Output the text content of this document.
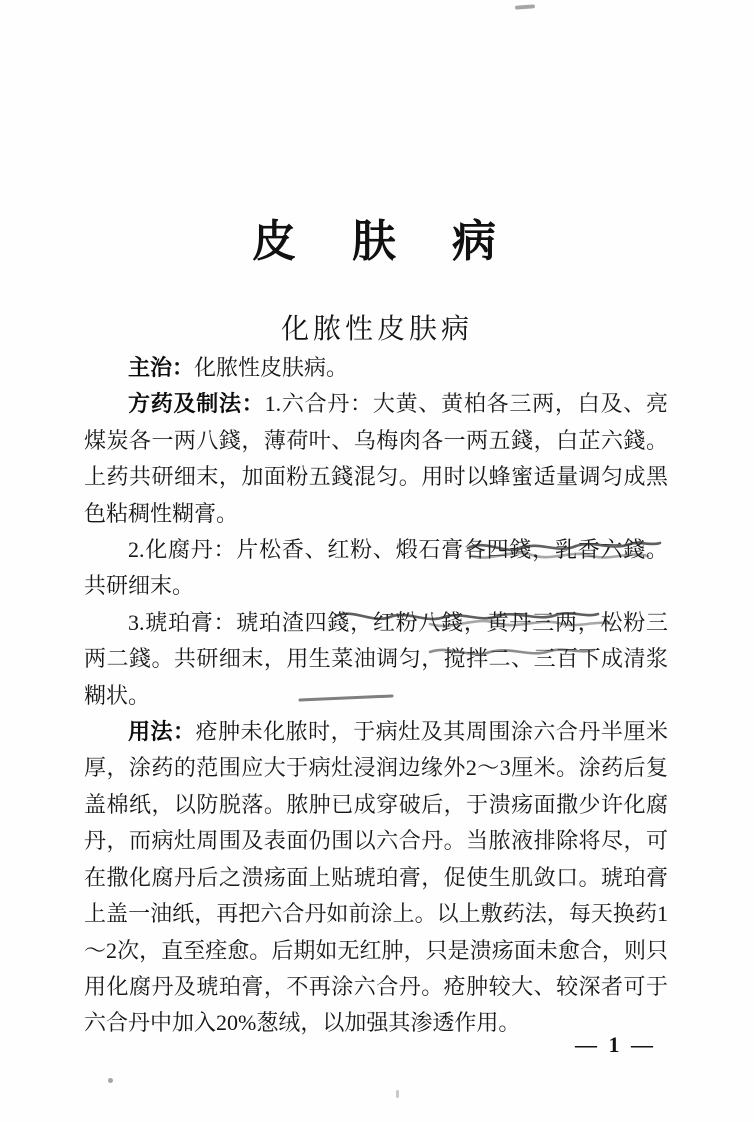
皮　肤　病
化脓性皮肤病

主治：化脓性皮肤病。

方药及制法：1.六合丹：大黄、黄柏各三两，白及、亮煤炭各一两八錢，薄荷叶、乌梅肉各一两五錢，白芷六錢。上药共研细末，加面粉五錢混匀。用时以蜂蜜适量调匀成黑色粘稠性糊膏。

2.化腐丹：片松香、红粉、煅石膏各四錢，乳香六錢。共研细末。

3.琥珀膏：琥珀渣四錢，红粉八錢，黄丹三两，松粉三两二錢。共研细末，用生菜油调匀，搅拌二、三百下成清浆糊状。

用法：疮肿未化脓时，于病灶及其周围涂六合丹半厘米厚，涂药的范围应大于病灶浸润边缘外2～3厘米。涂药后复盖棉纸，以防脱落。脓肿已成穿破后，于溃疡面撒少许化腐丹，而病灶周围及表面仍围以六合丹。当脓液排除将尽，可在撒化腐丹后之溃疡面上贴琥珀膏，促使生肌敛口。琥珀膏上盖一油纸，再把六合丹如前涂上。以上敷药法，每天换药1～2次，直至痊愈。后期如无红肿，只是溃疡面未愈合，则只用化腐丹及琥珀膏，不再涂六合丹。疮肿较大、较深者可于六合丹中加入20%葱绒，以加强其渗透作用。

— 1 —
